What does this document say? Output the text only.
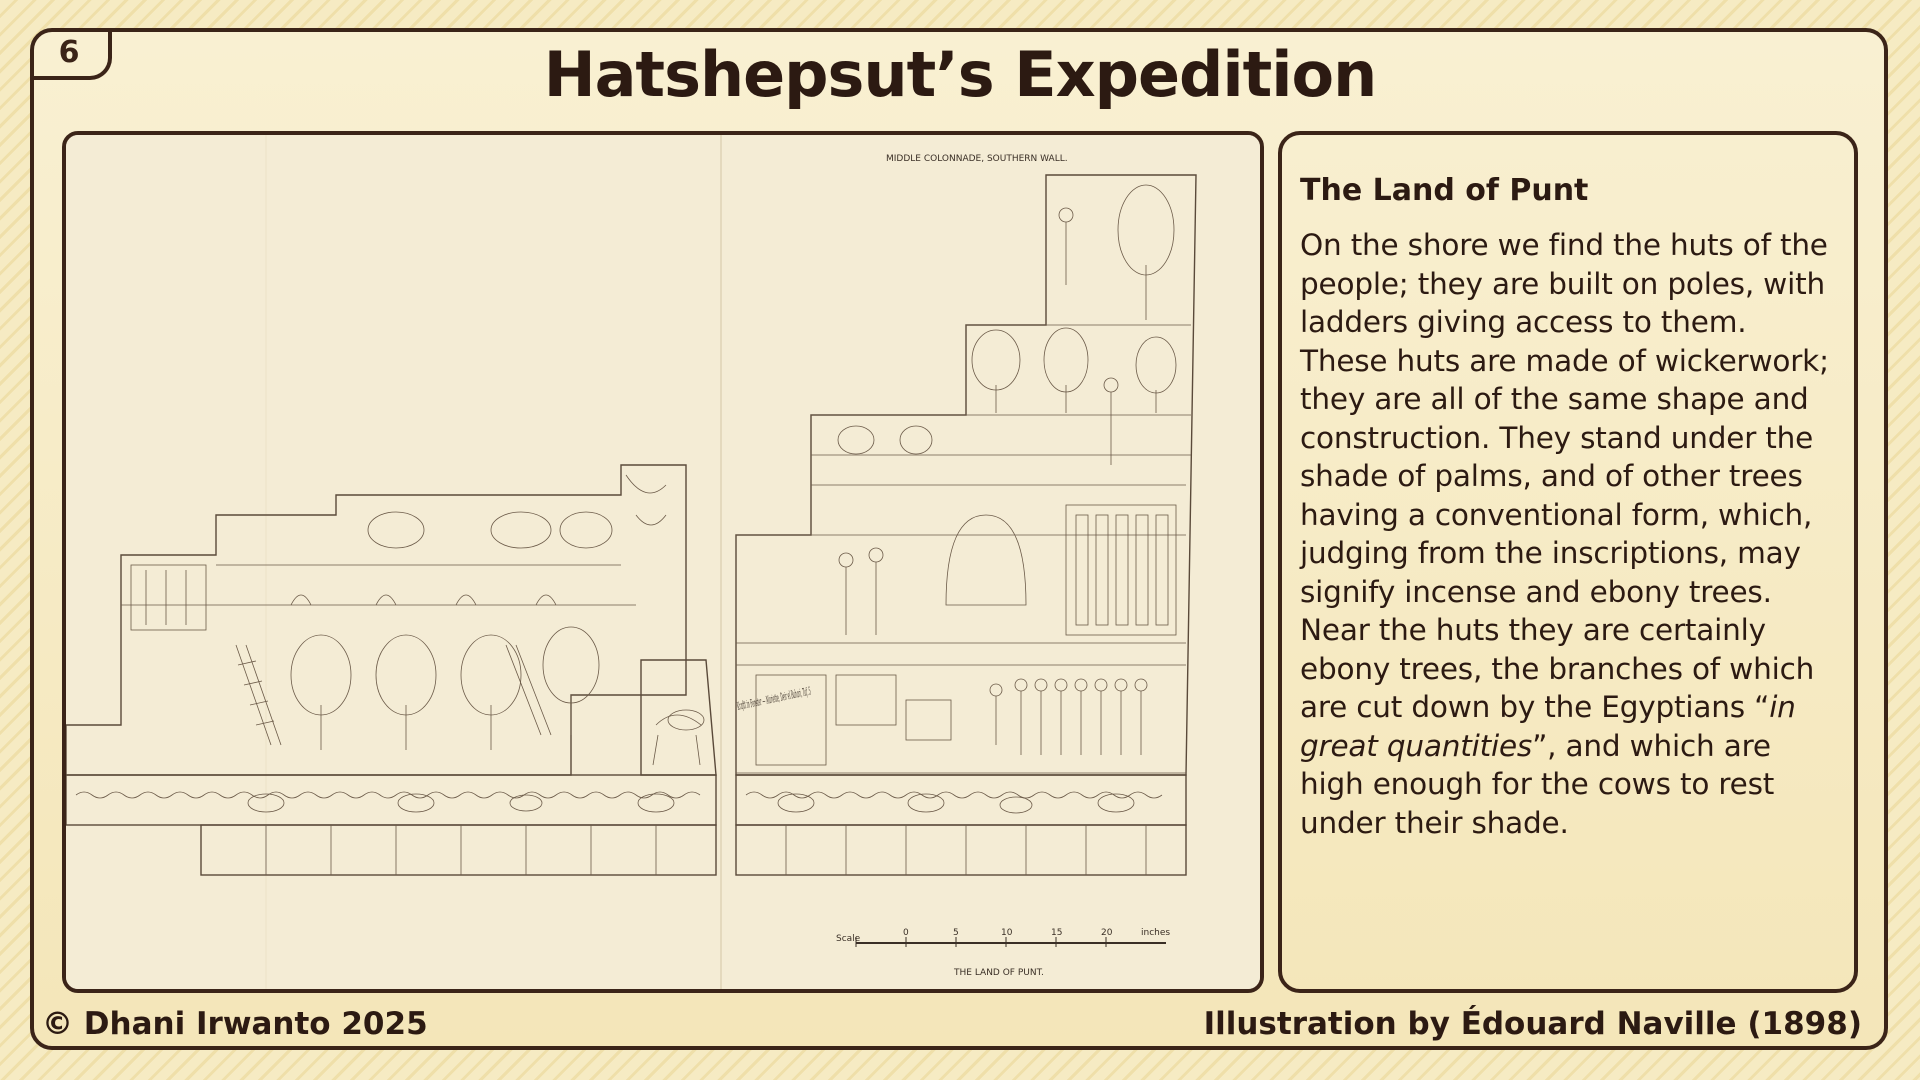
6	Hatshepsut’s Expedition
MIDDLE COLONNADE, SOUTHERN WALL.
Scale
0	5	10	15	20	inches
THE LAND OF PUNT.

The Land of Punt

On the shore we find the huts of the people; they are built on poles, with ladders giving access to them. These huts are made of wickerwork; they are all of the same shape and construction. They stand under the shade of palms, and of other trees having a conventional form, which, judging from the inscriptions, may signify incense and ebony trees. Near the huts they are certainly ebony trees, the branches of which are cut down by the Egyptians “in great quantities”, and which are high enough for the cows to rest under their shade.

© Dhani Irwanto 2025	Illustration by Édouard Naville (1898)
